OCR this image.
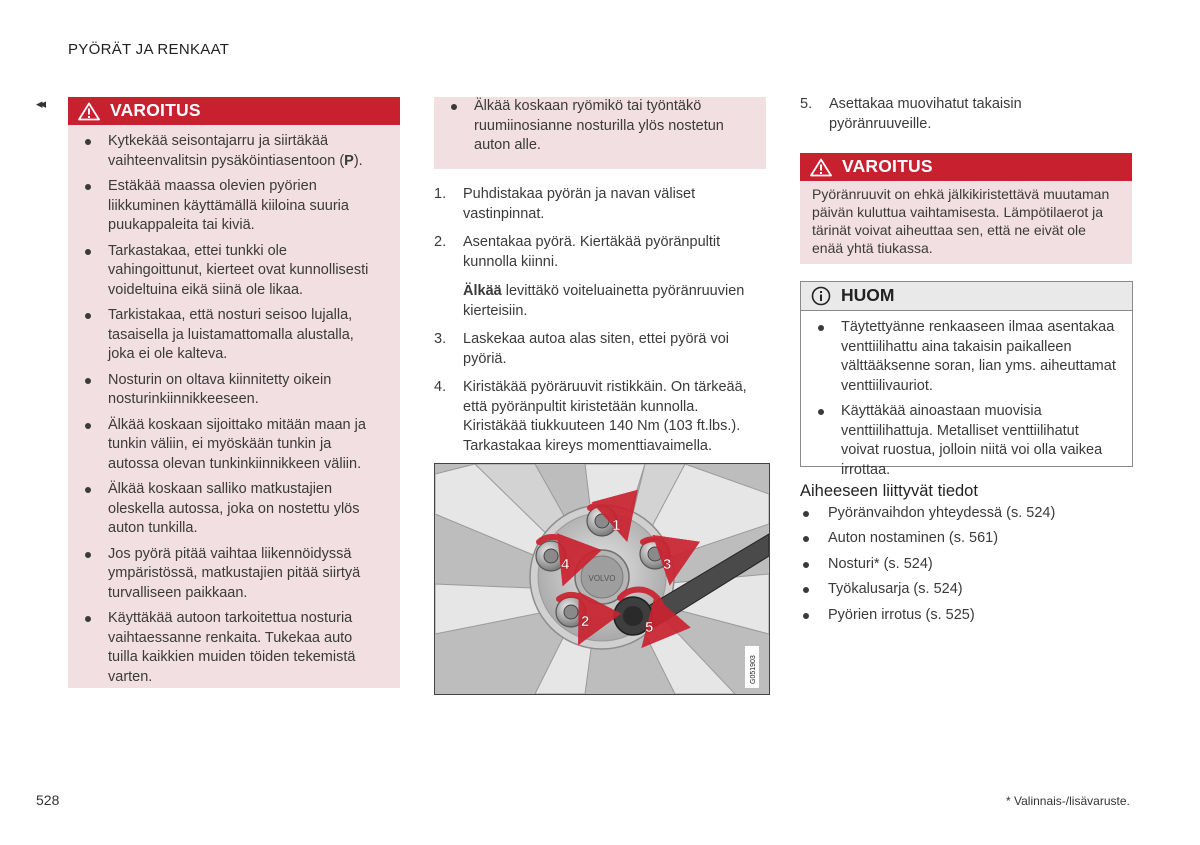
PYÖRÄT JA RENKAAT
◂◂	VAROITUS
Kytkekää seisontajarru ja siirtäkää vaihteenvalitsin pysäköintiasentoon (P).
Estäkää maassa olevien pyörien liikkuminen käyttämällä kiiloina suuria puukappaleita tai kiviä.
Tarkastakaa, ettei tunkki ole vahingoittunut, kierteet ovat kunnollisesti voideltuina eikä siinä ole likaa.
Tarkistakaa, että nosturi seisoo lujalla, tasaisella ja luistamattomalla alustalla, joka ei ole kalteva.
Nosturin on oltava kiinnitetty oikein nosturinkiinnikkeeseen.
Älkää koskaan sijoittako mitään maan ja tunkin väliin, ei myöskään tunkin ja autossa olevan tunkinkiinnikkeen väliin.
Älkää koskaan salliko matkustajien oleskella autossa, joka on nostettu ylös auton tunkilla.
Jos pyörä pitää vaihtaa liikennöidyssä ympäristössä, matkustajien pitää siirtyä turvalliseen paikkaan.
Käyttäkää autoon tarkoitettua nosturia vaihtaessanne renkaita. Tukekaa auto tuilla kaikkien muiden töiden tekemistä varten.
Älkää koskaan ryömikö tai työntäkö ruumiinosianne nosturilla ylös nostetun auton alle.
1. Puhdistakaa pyörän ja navan väliset vastinpinnat.
2. Asentakaa pyörä. Kiertäkää pyöränpultit kunnolla kiinni.
Älkää levittäkö voiteluainetta pyöränruuvien kierteisiin.
3. Laskekaa autoa alas siten, ettei pyörä voi pyöriä.
4. Kiristäkää pyöräruuvit ristikkäin. On tärkeää, että pyöränpultit kiristetään kunnolla. Kiristäkää tiukkuuteen 140 Nm (103 ft.lbs.). Tarkastakaa kireys momenttiavaimella.
VOLVO
1
2
3
4
5
G051903
5. Asettakaa muovihatut takaisin pyöränruuveille.
VAROITUS
Pyöränruuvit on ehkä jälkikiristettävä muutaman päivän kuluttua vaihtamisesta. Lämpötilaerot ja tärinät voivat aiheuttaa sen, että ne eivät ole enää yhtä tiukassa.
HUOM
Täytettyänne renkaaseen ilmaa asentakaa venttiilihattu aina takaisin paikalleen välttääksenne soran, lian yms. aiheuttamat venttiilivauriot.
Käyttäkää ainoastaan muovisia venttiilihattuja. Metalliset venttiilihatut voivat ruostua, jolloin niitä voi olla vaikea irrottaa.
Aiheeseen liittyvät tiedot
Pyöränvaihdon yhteydessä (s. 524)
Auton nostaminen (s. 561)
Nosturi* (s. 524)
Työkalusarja (s. 524)
Pyörien irrotus (s. 525)
528	* Valinnais-/lisävaruste.
